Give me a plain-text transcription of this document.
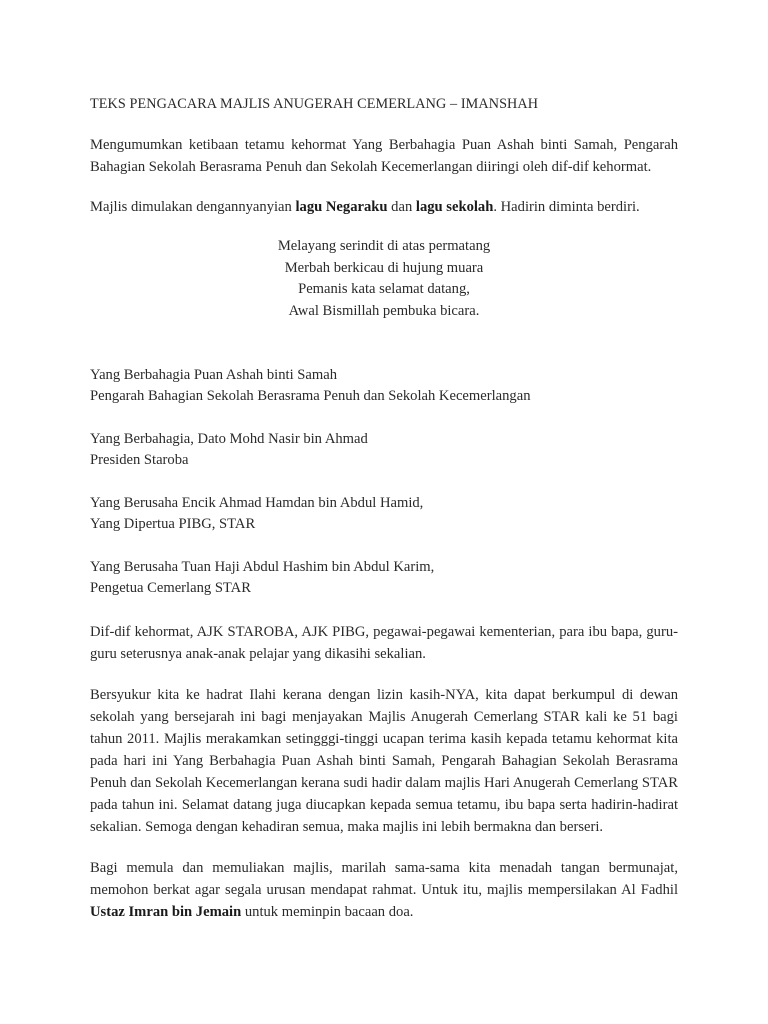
TEKS PENGACARA MAJLIS ANUGERAH CEMERLANG – IMANSHAH

Mengumumkan ketibaan tetamu kehormat Yang Berbahagia Puan Ashah binti Samah, Pengarah Bahagian Sekolah Berasrama Penuh dan Sekolah Kecemerlangan diiringi oleh dif-dif kehormat.

Majlis dimulakan dengannyanyian lagu Negaraku dan lagu sekolah. Hadirin diminta berdiri.

Melayang serindit di atas permatang
Merbah berkicau di hujung muara
Pemanis kata selamat datang,
Awal Bismillah pembuka bicara.
Yang Berbahagia Puan Ashah binti Samah
Pengarah Bahagian Sekolah Berasrama Penuh dan Sekolah Kecemerlangan
Yang Berbahagia, Dato Mohd Nasir bin Ahmad
Presiden Staroba
Yang Berusaha Encik Ahmad Hamdan bin Abdul Hamid,
Yang Dipertua PIBG, STAR
Yang Berusaha Tuan Haji Abdul Hashim bin Abdul Karim,
Pengetua Cemerlang STAR

Dif-dif kehormat, AJK STAROBA, AJK PIBG, pegawai-pegawai kementerian, para ibu bapa, guru-guru seterusnya anak-anak pelajar yang dikasihi sekalian.

Bersyukur kita ke hadrat Ilahi kerana dengan lizin kasih-NYA, kita dapat berkumpul di dewan sekolah yang bersejarah ini bagi menjayakan Majlis Anugerah Cemerlang STAR kali ke 51 bagi tahun 2011. Majlis merakamkan setingggi-tinggi ucapan terima kasih kepada tetamu kehormat kita pada hari ini Yang Berbahagia Puan Ashah binti Samah, Pengarah Bahagian Sekolah Berasrama Penuh dan Sekolah Kecemerlangan kerana sudi hadir dalam majlis Hari Anugerah Cemerlang STAR pada tahun ini. Selamat datang juga diucapkan kepada semua tetamu, ibu bapa serta hadirin-hadirat sekalian. Semoga dengan kehadiran semua, maka majlis ini lebih bermakna dan berseri.

Bagi memula dan memuliakan majlis, marilah sama-sama kita menadah tangan bermunajat, memohon berkat agar segala urusan mendapat rahmat. Untuk itu, majlis mempersilakan Al Fadhil Ustaz Imran bin Jemain untuk meminpin bacaan doa.
